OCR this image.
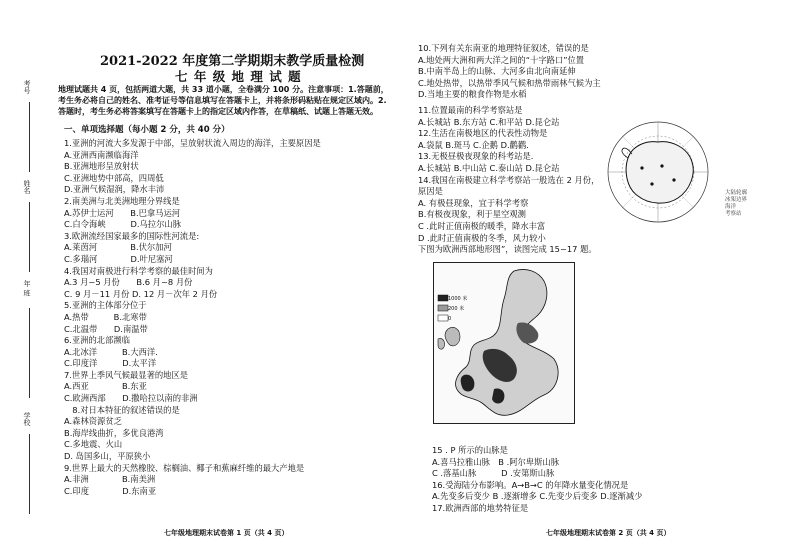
考号
姓名
年 班
学校
2021-2022 年度第二学期期末教学质量检测
七 年 级 地 理 试 题
地理试题共 4 页，包括两道大题，共 33 道小题，全卷满分 100 分。注意事项：1.答题前，
考生务必将自己的姓名、准考证号等信息填写在答题卡上，并将条形码粘贴在规定区域内。2.
答题时，考生务必将答案填写在答题卡上的指定区域内作答，在草稿纸、试题上答题无效。
一、单项选择题（每小题 2 分，共 40 分）
1.亚洲的河流大多发源于中部，呈放射状流入周边的海洋，主要原因是
A.亚洲西南濒临海洋
B.亚洲地形呈放射状
C.亚洲地势中部高，四周低
D.亚洲气候湿润，降水丰沛
2.南美洲与北美洲地理分界线是
A.苏伊士运河　　B.巴拿马运河
C.白令海峡　　　D.乌拉尔山脉
3.欧洲流经国家最多的国际性河流是:
A.莱茵河　　　　B.伏尔加河
C.多瑙河　　　　D.叶尼塞河
4.我国对南极进行科学考察的最佳时间为
A.3 月~5 月份　　B.6 月~8 月份
C. 9 月－11 月份 D. 12 月－次年 2 月份
5.亚洲的主体部分位于
A.热带　　　B.北寒带
C.北温带　　D.南温带
6.亚洲的北部濒临
A.北冰洋　　　B.大西洋.
C.印度洋　　　D.太平洋
7.世界上季风气候最显著的地区是
A.西亚　　　　B.东亚
C.欧洲西部　　D.撒哈拉以南的非洲
　8.对日本特征的叙述错误的是
A.森林资源贫乏
B.海岸线曲折，多优良港湾
C.多地震、火山
D. 岛国多山，平原狭小
9.世界上最大的天然橡胶、棕榈油、椰子和蕉麻纤维的最大产地是
A.非洲　　　　B.南美洲
C.印度　　　　D.东南亚
10.下列有关东南亚的地理特征叙述，错误的是
A.地处两大洲和两大洋之间的“十字路口”位置
B.中南半岛上的山脉、大河多由北向南延伸
C.地处热带，以热带季风气候和热带雨林气候为主
D.当地主要的粮食作物是水稻
11.位置最南的科学考察站是
A.长城站 B.东方站 C.和平站 D.昆仑站
12.生活在南极地区的代表性动物是
A.袋鼠 B.斑马 C.企鹅 D.鹳鹳.
13.无极昼极夜现象的科考站是.
A.长城站 B.中山站 C.泰山站 D.昆仑站
14.我国在南极建立科学考察站一般选在 2 月份，
原因是
A. 有极昼现象，宜于科学考察
B.有极夜现象，利于星空观测
C .此时正值南极的暖季，降水丰富
D .此时正值南极的冬季，风力较小
下图为欧洲西部地形图”，读图完成 15~17 题。
大陆轮廓
冰架边界
海洋
考察站
1000 米
200 米
0
15 . P 所示的山脉是
A.喜马拉雅山脉　B .阿尔卑斯山脉
C .落基山脉　　　D .安第斯山脉
16.受海陆分布影响。A→B→C 的年降水量变化情况是
A.先变多后变少 B .逐渐增多 C.先变少后变多 D.逐渐减少
17.欧洲西部的地势特征是
七年级地理期末试卷第 1 页（共 4 页）	七年级地理期末试卷第 2 页（共 4 页）
